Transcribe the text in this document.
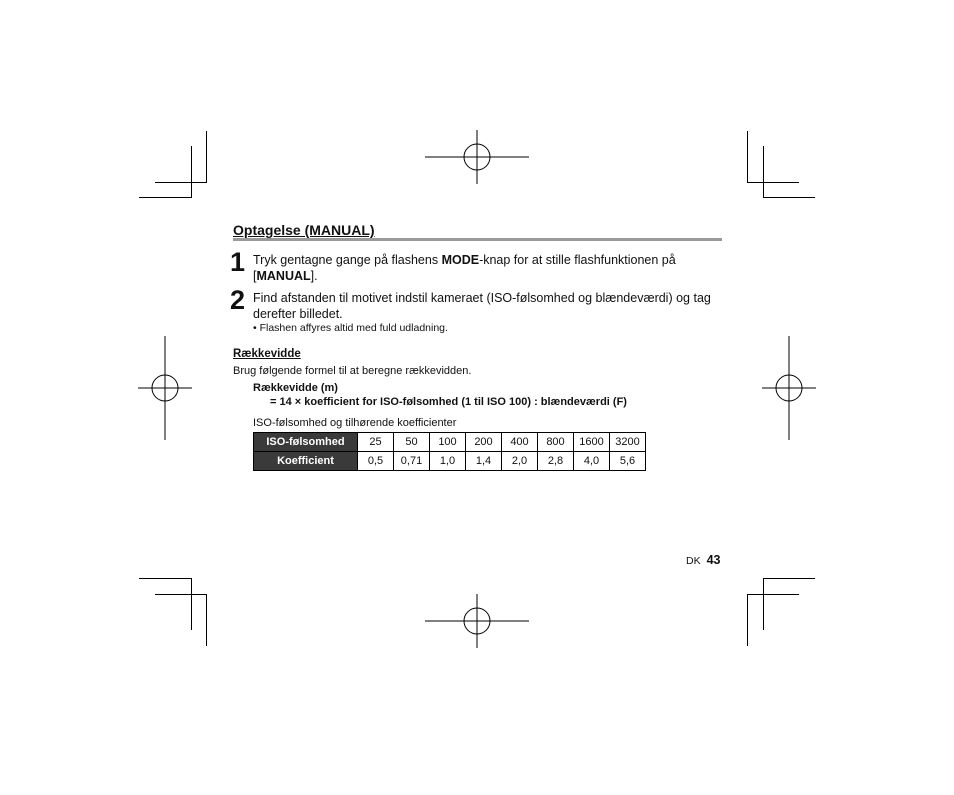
Optagelse (MANUAL)
1 Tryk gentagne gange på flashens MODE-knap for at stille flashfunktionen på [MANUAL].
2 Find afstanden til motivet indstil kameraet (ISO-følsomhed og blændeværdi) og tag derefter billedet.
• Flashen affyres altid med fuld udladning.
Rækkevidde
Brug følgende formel til at beregne rækkevidden.
Rækkevidde (m)
= 14 × koefficient for ISO-følsomhed (1 til ISO 100) : blændeværdi (F)
ISO-følsomhed og tilhørende koefficienter
ISO-følsomhed	25	50	100	200	400	800	1600	3200
Koefficient	0,5	0,71	1,0	1,4	2,0	2,8	4,0	5,6
DK 43
